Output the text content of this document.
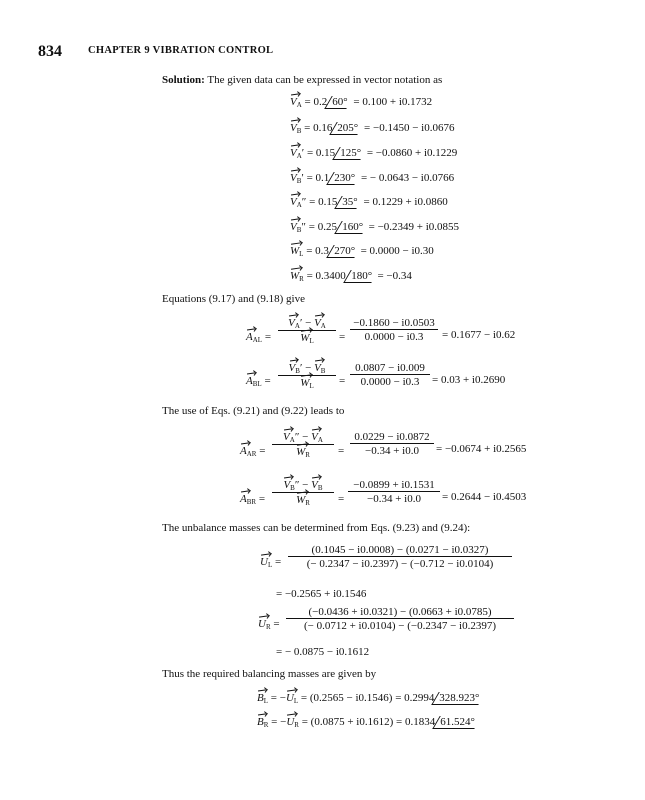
834 CHAPTER 9 VIBRATION CONTROL
Solution: The given data can be expressed in vector notation as
$V_A = 0.2$ 60° = 0.100 + i0.1732
$V_B = 0.16$ 205° = −0.1450 − i0.0676
$V_A' = 0.15$ 125° = −0.0860 + i0.1229
$V_B' = 0.1$ 230° = − 0.0643 − i0.0766
$V_A'' = 0.15$ 35° = 0.1229 + i0.0860
$V_B'' = 0.25$ 160° = −0.2349 + i0.0855
$W_L = 0.3$ 270° = 0.0000 − i0.30
$W_R = 0.3400$ 180° = −0.34
Equations (9.17) and (9.18) give
$A_{AL} = \frac{V_A' - V_A}{W_L} = \frac{-0.1860 - i0.0503}{0.0000 - i0.3} = 0.1677 - i0.62$
$A_{BL} = \frac{V_B' - V_B}{W_L} = \frac{0.0807 - i0.009}{0.0000 - i0.3} = 0.03 + i0.2690$
The use of Eqs. (9.21) and (9.22) leads to
$A_{AR} = \frac{V_A'' - V_A}{W_R} = \frac{0.0229 - i0.0872}{-0.34 + i0.0} = -0.0674 + i0.2565$
$A_{BR} = \frac{V_B'' - V_B}{W_R} = \frac{-0.0899 + i0.1531}{-0.34 + i0.0} = 0.2644 - i0.4503$
The unbalance masses can be determined from Eqs. (9.23) and (9.24):
$U_L = \frac{(0.1045 - i0.0008) - (0.0271 - i0.0327)}{(- 0.2347 - i0.2397) - (-0.712 - i0.0104)}$
= −0.2565 + i0.1546
$U_R = \frac{(-0.0436 + i0.0321) - (0.0663 + i0.0785)}{(- 0.0712 + i0.0104) - (-0.2347 - i0.2397)}$
= − 0.0875 − i0.1612
Thus the required balancing masses are given by
$B_L = -U_L = (0.2565 - i0.1546) = 0.2994$ 328.923°
$B_R = -U_R = (0.0875 + i0.1612) = 0.1834$ 61.524°
